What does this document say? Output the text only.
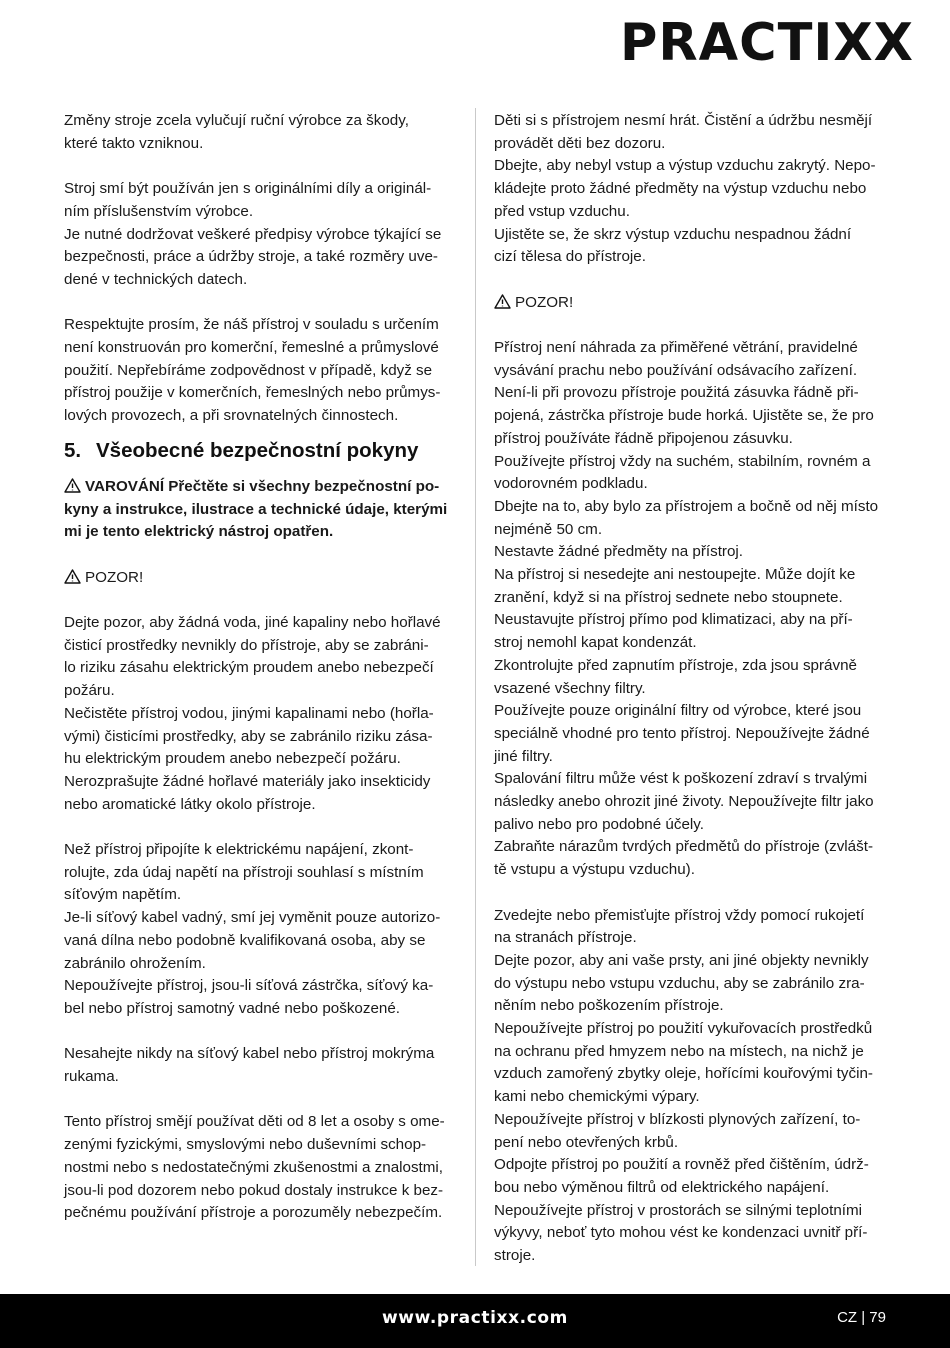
PRACTIXX

Změny stroje zcela vylučují ruční výrobce za škody,
které takto vzniknou.

Stroj smí být používán jen s originálními díly a originál-
ním příslušenstvím výrobce.
Je nutné dodržovat veškeré předpisy výrobce týkající se
bezpečnosti, práce a údržby stroje, a také rozměry uve-
dené v technických datech.

Respektujte prosím, že náš přístroj v souladu s určením
není konstruován pro komerční, řemeslné a průmyslové
použití. Nepřebíráme zodpovědnost v případě, když se
přístroj použije v komerčních, řemeslných nebo průmys-
lových provozech, a při srovnatelných činnostech.

5. Všeobecné bezpečnostní pokyny

VAROVÁNÍ Přečtěte si všechny bezpečnostní po-
kyny a instrukce, ilustrace a technické údaje, kterými
mi je tento elektrický nástroj opatřen.

POZOR!

Dejte pozor, aby žádná voda, jiné kapaliny nebo hořlavé
čisticí prostředky nevnikly do přístroje, aby se zabráni-
lo riziku zásahu elektrickým proudem anebo nebezpečí
požáru.
Nečistěte přístroj vodou, jinými kapalinami nebo (hořla-
vými) čisticími prostředky, aby se zabránilo riziku zása-
hu elektrickým proudem anebo nebezpečí požáru.
Nerozprašujte žádné hořlavé materiály jako insekticidy
nebo aromatické látky okolo přístroje.

Než přístroj připojíte k elektrickému napájení, zkont-
rolujte, zda údaj napětí na přístroji souhlasí s místním
síťovým napětím.
Je-li síťový kabel vadný, smí jej vyměnit pouze autorizo-
vaná dílna nebo podobně kvalifikovaná osoba, aby se
zabránilo ohrožením.
Nepoužívejte přístroj, jsou-li síťová zástrčka, síťový ka-
bel nebo přístroj samotný vadné nebo poškozené.

Nesahejte nikdy na síťový kabel nebo přístroj mokrýma
rukama.

Tento přístroj smějí používat děti od 8 let a osoby s ome-
zenými fyzickými, smyslovými nebo duševními schop-
nostmi nebo s nedostatečnými zkušenostmi a znalostmi,
jsou-li pod dozorem nebo pokud dostaly instrukce k bez-
pečnému používání přístroje a porozuměly nebezpečím.

Děti si s přístrojem nesmí hrát. Čistění a údržbu nesmějí
provádět děti bez dozoru.
Dbejte, aby nebyl vstup a výstup vzduchu zakrytý. Nepo-
kládejte proto žádné předměty na výstup vzduchu nebo
před vstup vzduchu.
Ujistěte se, že skrz výstup vzduchu nespadnou žádní
cizí tělesa do přístroje.

POZOR!

Přístroj není náhrada za přiměřené větrání, pravidelné
vysávání prachu nebo používání odsávacího zařízení.
Není-li při provozu přístroje použitá zásuvka řádně při-
pojená, zástrčka přístroje bude horká. Ujistěte se, že pro
přístroj používáte řádně připojenou zásuvku.
Používejte přístroj vždy na suchém, stabilním, rovném a
vodorovném podkladu.
Dbejte na to, aby bylo za přístrojem a bočně od něj místo
nejméně 50 cm.
Nestavte žádné předměty na přístroj.
Na přístroj si nesedejte ani nestoupejte. Může dojít ke
zranění, když si na přístroj sednete nebo stoupnete.
Neustavujte přístroj přímo pod klimatizaci, aby na pří-
stroj nemohl kapat kondenzát.
Zkontrolujte před zapnutím přístroje, zda jsou správně
vsazené všechny filtry.
Používejte pouze originální filtry od výrobce, které jsou
speciálně vhodné pro tento přístroj. Nepoužívejte žádné
jiné filtry.
Spalování filtru může vést k poškození zdraví s trvalými
následky anebo ohrozit jiné životy. Nepoužívejte filtr jako
palivo nebo pro podobné účely.
Zabraňte nárazům tvrdých předmětů do přístroje (zvlášt-
tě vstupu a výstupu vzduchu).

Zvedejte nebo přemisťujte přístroj vždy pomocí rukojetí
na stranách přístroje.
Dejte pozor, aby ani vaše prsty, ani jiné objekty nevnikly
do výstupu nebo vstupu vzduchu, aby se zabránilo zra-
něním nebo poškozením přístroje.
Nepoužívejte přístroj po použití vykuřovacích prostředků
na ochranu před hmyzem nebo na místech, na nichž je
vzduch zamořený zbytky oleje, hořícími kouřovými tyčin-
kami nebo chemickými výpary.
Nepoužívejte přístroj v blízkosti plynových zařízení, to-
pení nebo otevřených krbů.
Odpojte přístroj po použití a rovněž před čištěním, údrž-
bou nebo výměnou filtrů od elektrického napájení.
Nepoužívejte přístroj v prostorách se silnými teplotními
výkyvy, neboť tyto mohou vést ke kondenzaci uvnitř pří-
stroje.

www.practixx.com	CZ | 79
